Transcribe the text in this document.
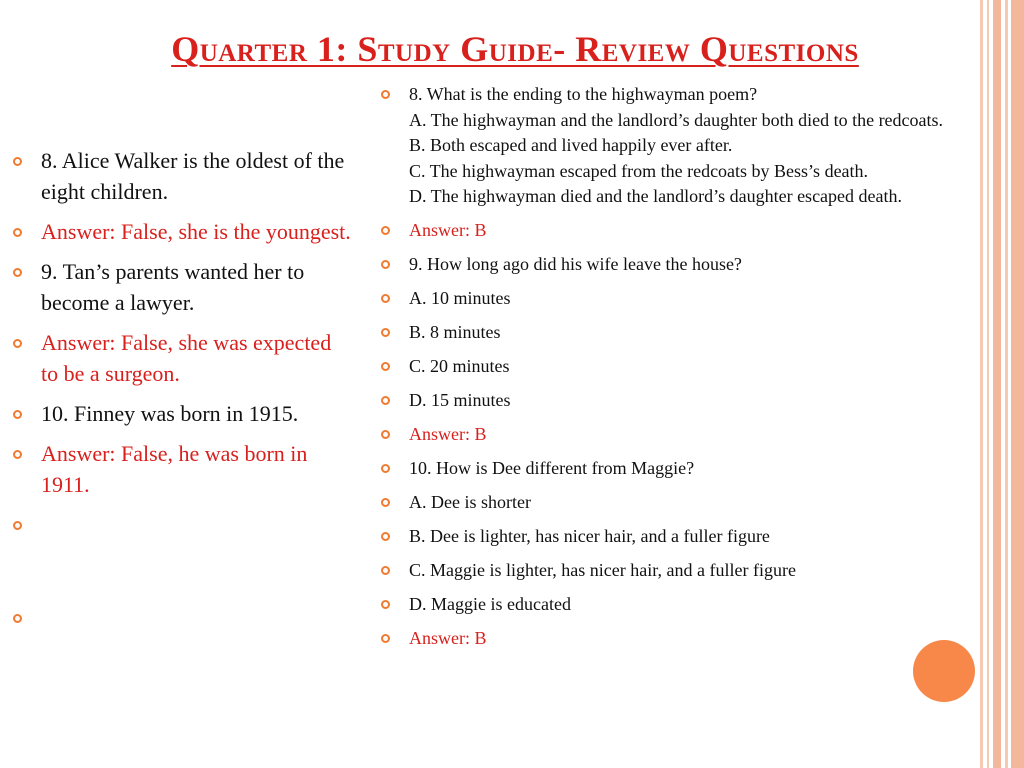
Quarter 1: Study Guide- Review Questions
8. Alice Walker is the oldest of the eight children.
Answer: False, she is the youngest.
9. Tan’s parents wanted her to become a lawyer.
Answer: False, she was expected to be a surgeon.
10. Finney was born in 1915.
Answer: False, he was born in 1911.
8. What is the ending to the highwayman poem?
A. The highwayman and the landlord’s daughter both died to the redcoats.
B. Both escaped and lived happily ever after.
C. The highwayman escaped from the redcoats by Bess’s death.
D. The highwayman died and the landlord’s daughter escaped death.
Answer: B
9. How long ago did his wife leave the house?
A. 10 minutes
B. 8 minutes
C. 20 minutes
D. 15 minutes
Answer: B
10. How is Dee different from Maggie?
A. Dee is shorter
B. Dee is lighter, has nicer hair, and a fuller figure
C. Maggie is lighter, has nicer hair, and a fuller figure
D. Maggie is educated
Answer: B
